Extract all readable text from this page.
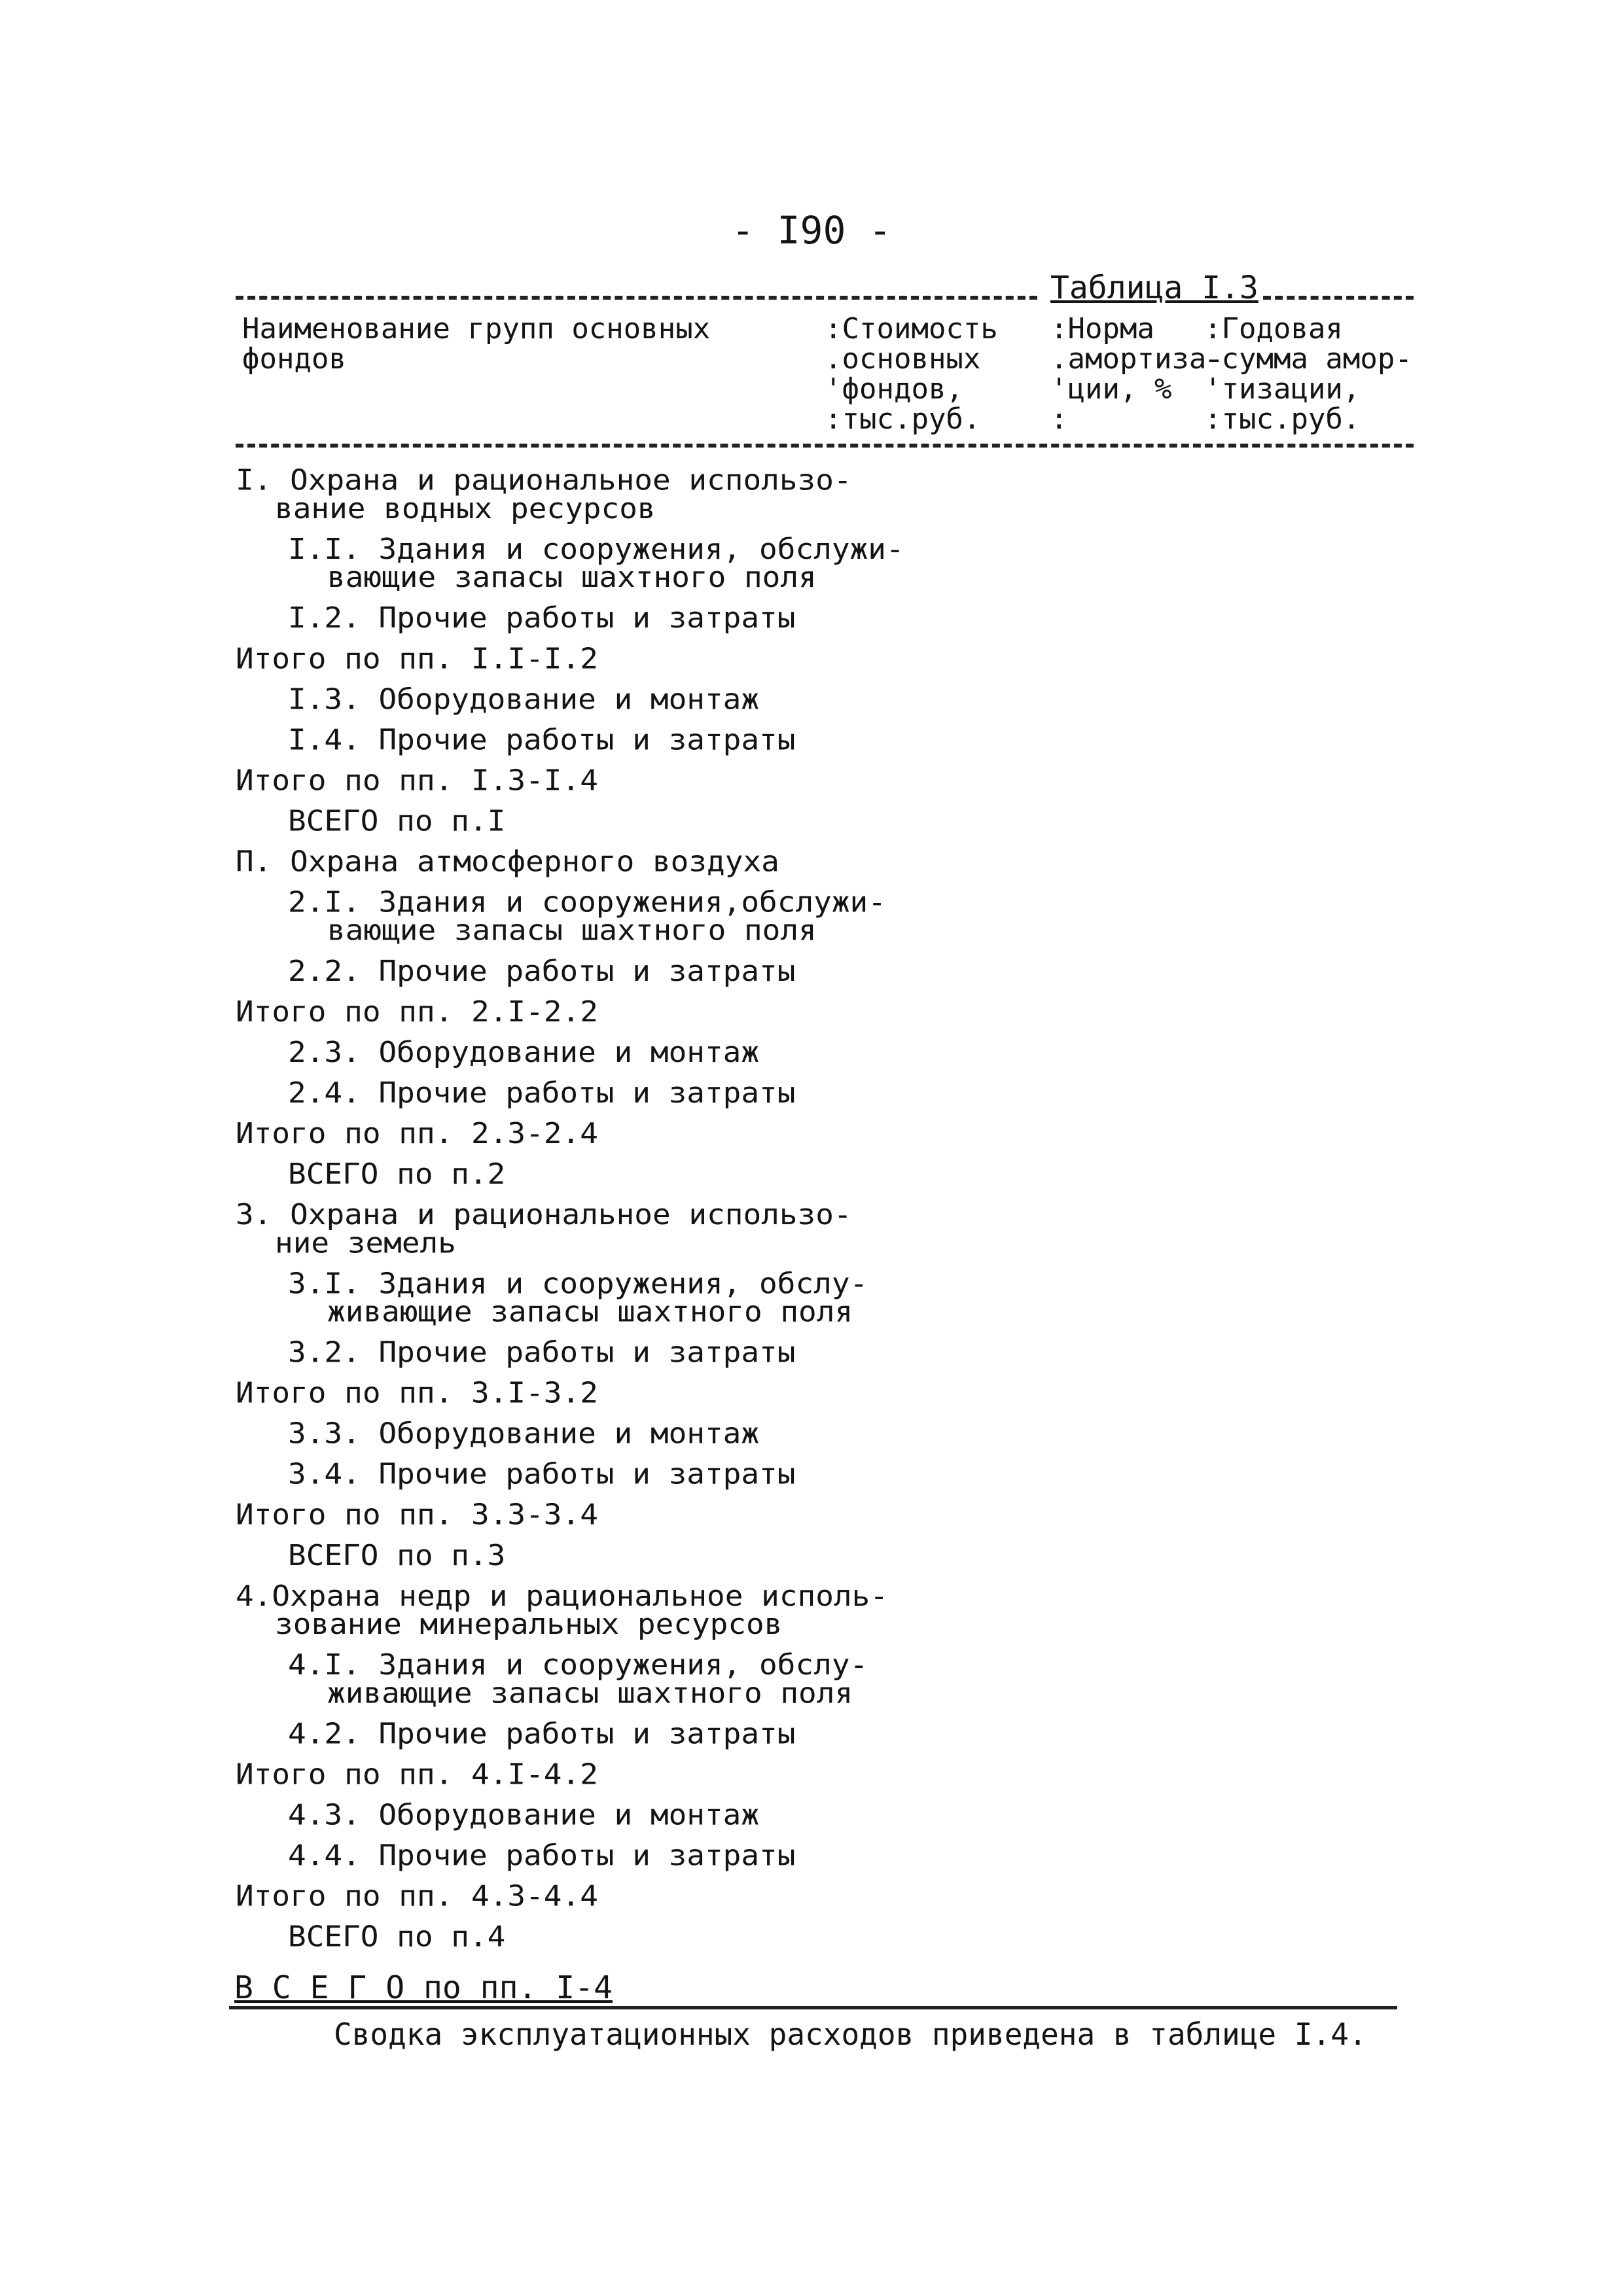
- I90 -
Таблица I.3
Наименование групп основных фондов
:Стоимость
.основных
'фондов,
:тыс.руб.
:Норма
.амортиза-
'ции, %
:
:Годовая
-сумма амор-
'тизации,
:тыс.руб.
I. Охрана и рациональное использо-
вание водных ресурсов
I.I. Здания и сооружения, обслужи-
вающие запасы шахтного поля
I.2. Прочие работы и затраты
Итого по пп. I.I-I.2
I.3. Оборудование и монтаж
I.4. Прочие работы и затраты
Итого по пп. I.3-I.4
ВСЕГО по п.I
П. Охрана атмосферного воздуха
2.I. Здания и сооружения,обслужи-
вающие запасы шахтного поля
2.2. Прочие работы и затраты
Итого по пп. 2.I-2.2
2.3. Оборудование и монтаж
2.4. Прочие работы и затраты
Итого по пп. 2.3-2.4
ВСЕГО по п.2
3. Охрана и рациональное использо-
ние земель
3.I. Здания и сооружения, обслу-
живающие запасы шахтного поля
3.2. Прочие работы и затраты
Итого по пп. 3.I-3.2
3.3. Оборудование и монтаж
3.4. Прочие работы и затраты
Итого по пп. 3.3-3.4
ВСЕГО по п.3
4.Охрана недр и рациональное исполь-
зование минеральных ресурсов
4.I. Здания и сооружения, обслу-
живающие запасы шахтного поля
4.2. Прочие работы и затраты
Итого по пп. 4.I-4.2
4.3. Оборудование и монтаж
4.4. Прочие работы и затраты
Итого по пп. 4.3-4.4
ВСЕГО по п.4
В С Е Г О по пп. I-4
Сводка эксплуатационных расходов приведена в таблице I.4.
